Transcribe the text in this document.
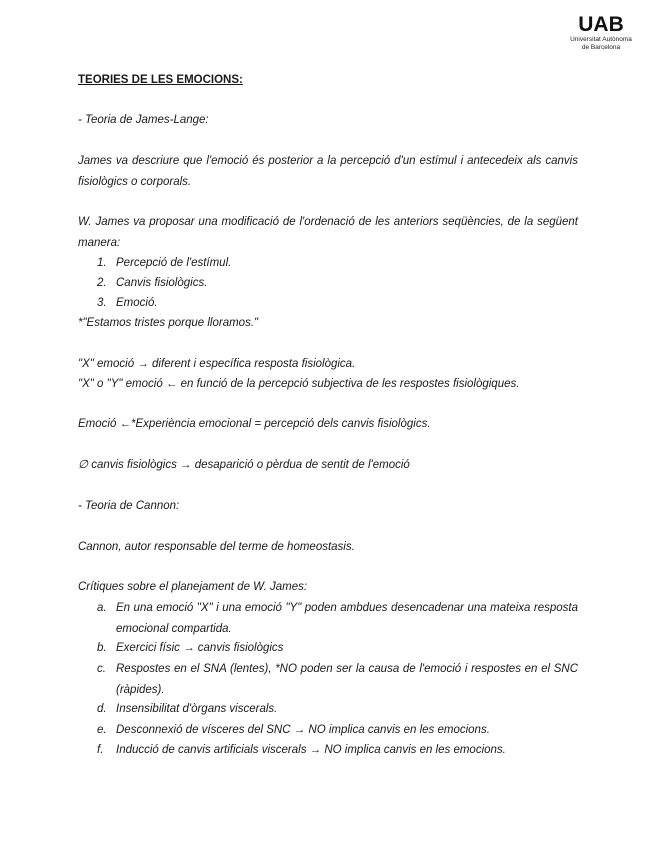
UAB
Universitat Autònoma
de Barcelona
TEORIES DE LES EMOCIONS:
- Teoria de James-Lange:
James va descriure que l'emoció és posterior a la percepció d'un estímul i antecedeix als canvis fisiològics o corporals.
W. James va proposar una modificació de l'ordenació de les anteriors seqüències, de la següent manera:
1. Percepció de l'estímul.
2. Canvis fisiològics.
3. Emoció.
*"Estamos tristes porque lloramos."
"X" emoció → diferent i específica resposta fisiològica.
"X" o "Y" emoció ← en funció de la percepció subjectiva de les respostes fisiològiques.
Emoció ←*Experiència emocional = percepció dels canvis fisiològics.
∅ canvis fisiològics → desaparició o pèrdua de sentit de l'emoció
- Teoria de Cannon:
Cannon, autor responsable del terme de homeostasis.
Crítiques sobre el planejament de W. James:
a. En una emoció "X" i una emoció "Y" poden ambdues desencadenar una mateixa resposta emocional compartida.
b. Exercici físic → canvis fisiològics
c. Respostes en el SNA (lentes), *NO poden ser la causa de l'emoció i respostes en el SNC (ràpides).
d. Insensibilitat d'òrgans viscerals.
e. Desconnexió de vísceres del SNC → NO implica canvis en les emocions.
f.	Inducció de canvis artificials viscerals → NO implica canvis en les emocions.
